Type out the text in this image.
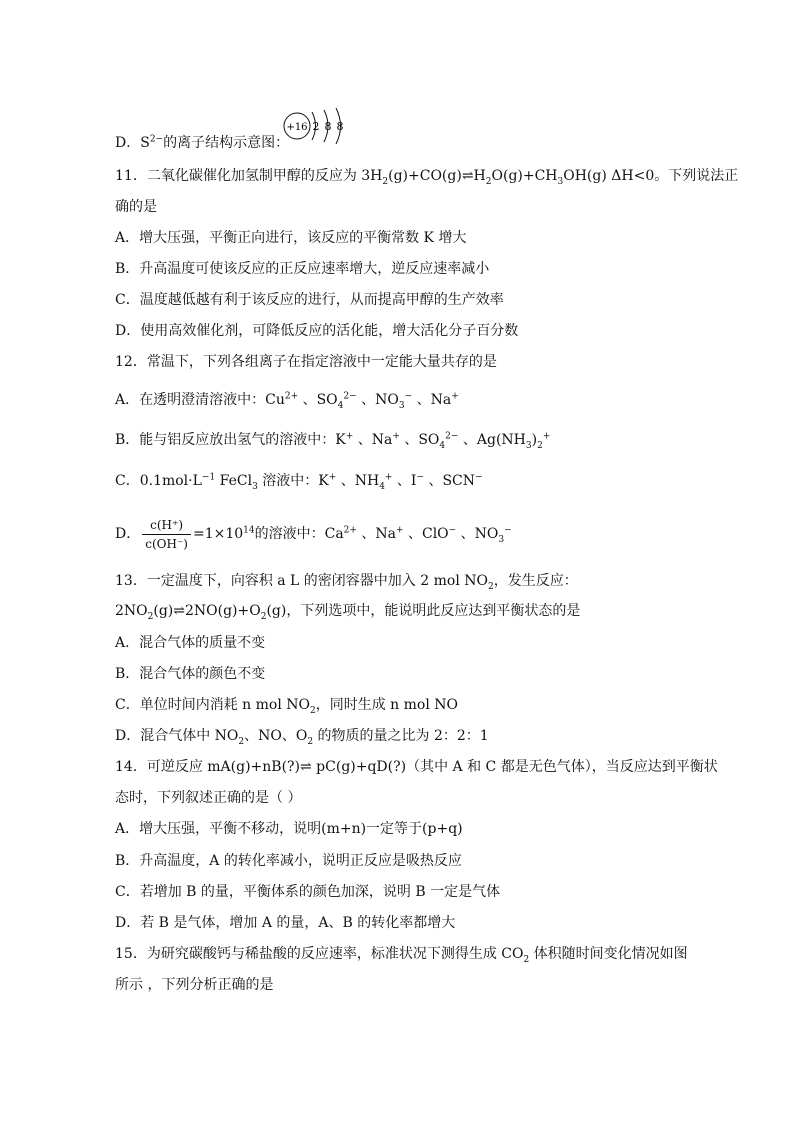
D．$S^{2-}$的离子结构示意图：
+16 2 8 8
11．二氧化碳催化加氢制甲醇的反应为 $3H_2(g)+CO(g)\rightleftharpoons H_2O(g)+CH_3OH(g)$ ΔH<0。下列说法正
确的是
A．增大压强，平衡正向进行，该反应的平衡常数 K 增大
B．升高温度可使该反应的正反应速率增大，逆反应速率减小
C．温度越低越有利于该反应的进行，从而提高甲醇的生产效率
D．使用高效催化剂，可降低反应的活化能，增大活化分子百分数
12．常温下，下列各组离子在指定溶液中一定能大量共存的是
A．在透明澄清溶液中：$Cu^{2+}$ 、$SO_4^{2-}$ 、$NO_3^-$ 、Na+
B．能与铝反应放出氢气的溶液中：K+ 、Na+ 、$SO_4^{2-}$ 、$Ag(NH_3)_2^+$
C．$0.1mol\cdot L^{-1}$ FeCl$_3$ 溶液中：K+ 、$NH_4^+$ 、I− 、SCN−
D． $\frac{c(H^+)}{c(OH^-)} =1\times 10^{14}$的溶液中：$Ca^{2+}$ 、Na+ 、ClO− 、$NO_3^-$
13．一定温度下，向容积 a L 的密闭容器中加入 2 mol $NO_2$，发生反应：
$2NO_2(g)\rightleftharpoons 2NO(g)+O_2(g)$，下列选项中，能说明此反应达到平衡状态的是
A．混合气体的质量不变
B．混合气体的颜色不变
C．单位时间内消耗 n mol $NO_2$，同时生成 n mol NO
D．混合气体中 $NO_2$、NO、$O_2$ 的物质的量之比为 2：2：1
14．可逆反应 mA(g)+nB(?)⇌ pC(g)+qD(?)（其中 A 和 C 都是无色气体），当反应达到平衡状
态时，下列叙述正确的是（ ）
A．增大压强，平衡不移动，说明(m+n)一定等于(p+q)
B．升高温度，A 的转化率减小，说明正反应是吸热反应
C．若增加 B 的量，平衡体系的颜色加深，说明 B 一定是气体
D．若 B 是气体，增加 A 的量，A、B 的转化率都增大
15．为研究碳酸钙与稀盐酸的反应速率，标准状况下测得生成 $CO_2$ 体积随时间变化情况如图
所示 ，下列分析正确的是
